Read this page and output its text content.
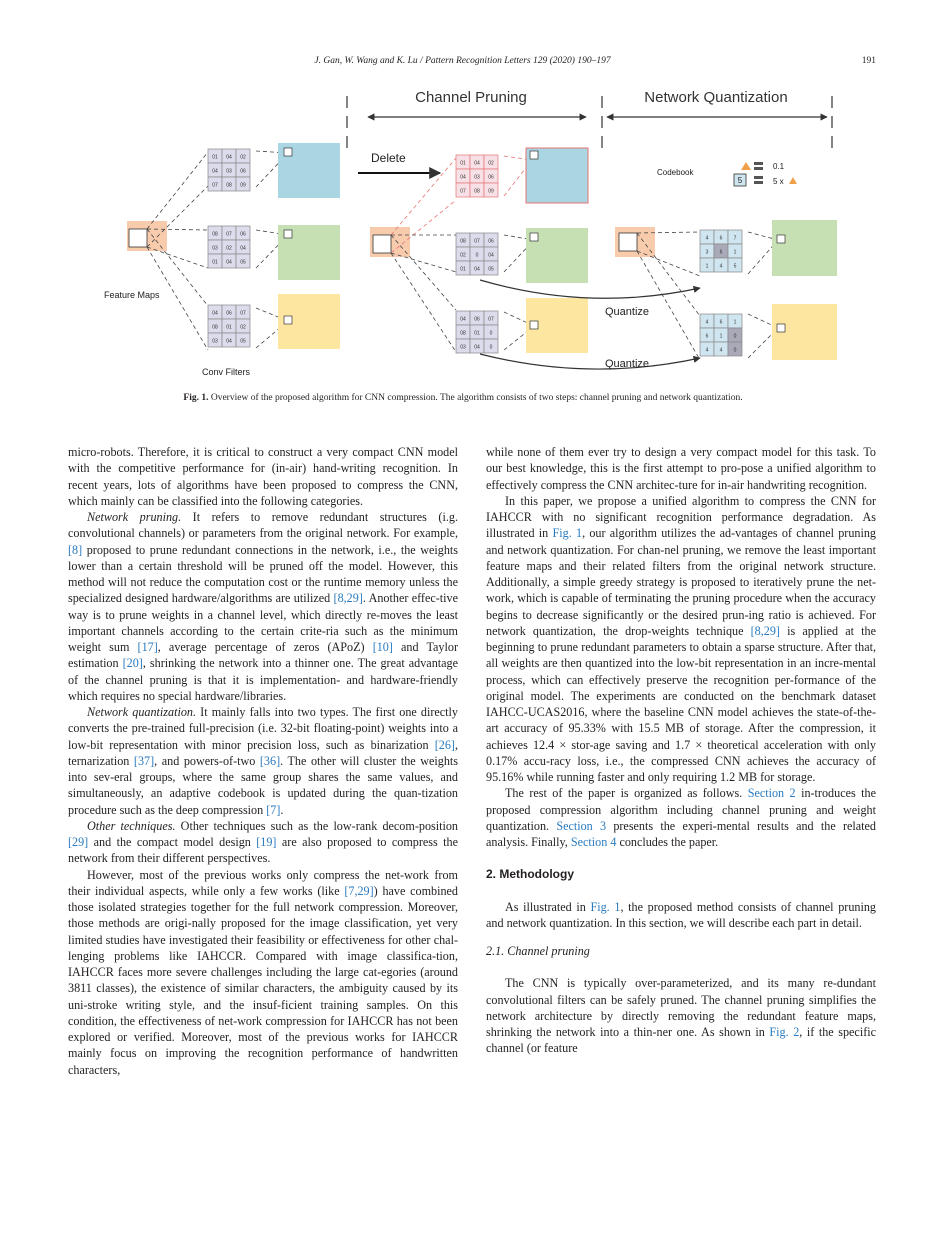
J. Gan, W. Wang and K. Lu / Pattern Recognition Letters 129 (2020) 190–197	191
Channel Pruning	Network Quantization
Delete
Codebook
0.1
5	5 x
Feature Maps
01 04 02
04 03 06
07 08 09
08 07 06
03 02 04
01 04 05
04 06 07
08 01 02
03 04 05
Conv Filters
01 04 02
04 03 06
07 08 09
08 07 06
02 0 04
01 04 05
04 06 07
08 01 0
03 04 0
Quantize
Quantize
4 6 7
3 6 1
1 4 5
4 6 1
6 1 0
4 4 0
Fig. 1. Overview of the proposed algorithm for CNN compression. The algorithm consists of two steps: channel pruning and network quantization.

micro-robots. Therefore, it is critical to construct a very compact CNN model with the competitive performance for (in-air) hand-writing recognition. In recent years, lots of algorithms have been proposed to compress the CNN, which mainly can be classified into the following categories.

Network pruning. It refers to remove redundant structures (i.g. convolutional channels) or parameters from the original network. For example, [8] proposed to prune redundant connections in the network, i.e., the weights lower than a certain threshold will be pruned off the model. However, this method will not reduce the computation cost or the runtime memory unless the specialized designed hardware/algorithms are utilized [8,29]. Another effec-tive way is to prune weights in a channel level, which directly re-moves the least important channels according to the certain crite-ria such as the minimum weight sum [17], average percentage of zeros (APoZ) [10] and Taylor estimation [20], shrinking the network into a thinner one. The great advantage of the channel pruning is that it is implementation- and hardware-friendly which requires no special hardware/libraries.

Network quantization. It mainly falls into two types. The first one directly converts the pre-trained full-precision (i.e. 32-bit floating-point) weights into a low-bit representation with minor precision loss, such as binarization [26], ternarization [37], and powers-of-two [36]. The other will cluster the weights into sev-eral groups, where the same group shares the same values, and simultaneously, an adaptive codebook is updated during the quan-tization procedure such as the deep compression [7].

Other techniques. Other techniques such as the low-rank decom-position [29] and the compact model design [19] are also proposed to compress the network from their different perspectives.

However, most of the previous works only compress the net-work from their individual aspects, while only a few works (like [7,29]) have combined those isolated strategies together for the full network compression. Moreover, those methods are origi-nally proposed for the image classification, yet very limited studies have investigated their feasibility or effectiveness for other chal-lenging problems like IAHCCR. Compared with image classifica-tion, IAHCCR faces more severe challenges including the large cat-egories (around 3811 classes), the existence of similar characters, the ambiguity caused by its uni-stroke writing style, and the insuf-ficient training samples. On this condition, the effectiveness of net-work compression for IAHCCR has not been explored or verified. Moreover, most of the previous works for IAHCCR mainly focus on improving the recognition performance of handwritten characters,

while none of them ever try to design a very compact model for this task. To our best knowledge, this is the first attempt to pro-pose a unified algorithm to effectively compress the CNN architec-ture for in-air handwriting recognition.

In this paper, we propose a unified algorithm to compress the CNN for IAHCCR with no significant recognition performance degradation. As illustrated in Fig. 1, our algorithm utilizes the ad-vantages of channel pruning and network quantization. For chan-nel pruning, we remove the least important feature maps and their related filters from the original network structure. Additionally, a simple greedy strategy is proposed to iteratively prune the net-work, which is capable of terminating the pruning procedure when the accuracy begins to decrease significantly or the desired prun-ing ratio is achieved. For network quantization, the drop-weights technique [8,29] is applied at the beginning to prune redundant parameters to obtain a sparse structure. After that, all weights are then quantized into the low-bit representation in an incre-mental process, which can effectively preserve the recognition per-formance of the original model. The experiments are conducted on the benchmark dataset IAHCC-UCAS2016, where the baseline CNN model achieves the state-of-the-art accuracy of 95.33% with 15.5 MB of storage. After the compression, it achieves 12.4 × stor-age saving and 1.7 × theoretical acceleration with only 0.17% accu-racy loss, i.e., the compressed CNN achieves the accuracy of 95.16% while running faster and only requiring 1.2 MB for storage.

The rest of the paper is organized as follows. Section 2 in-troduces the proposed compression algorithm including channel pruning and weight quantization. Section 3 presents the experi-mental results and the related analysis. Finally, Section 4 concludes the paper.

2. Methodology

As illustrated in Fig. 1, the proposed method consists of channel pruning and network quantization. In this section, we will describe each part in detail.

2.1. Channel pruning

The CNN is typically over-parameterized, and its many re-dundant convolutional filters can be safely pruned. The channel pruning simplifies the network architecture by directly removing the redundant feature maps, shrinking the network into a thin-ner one. As shown in Fig. 2, if the specific channel (or feature
